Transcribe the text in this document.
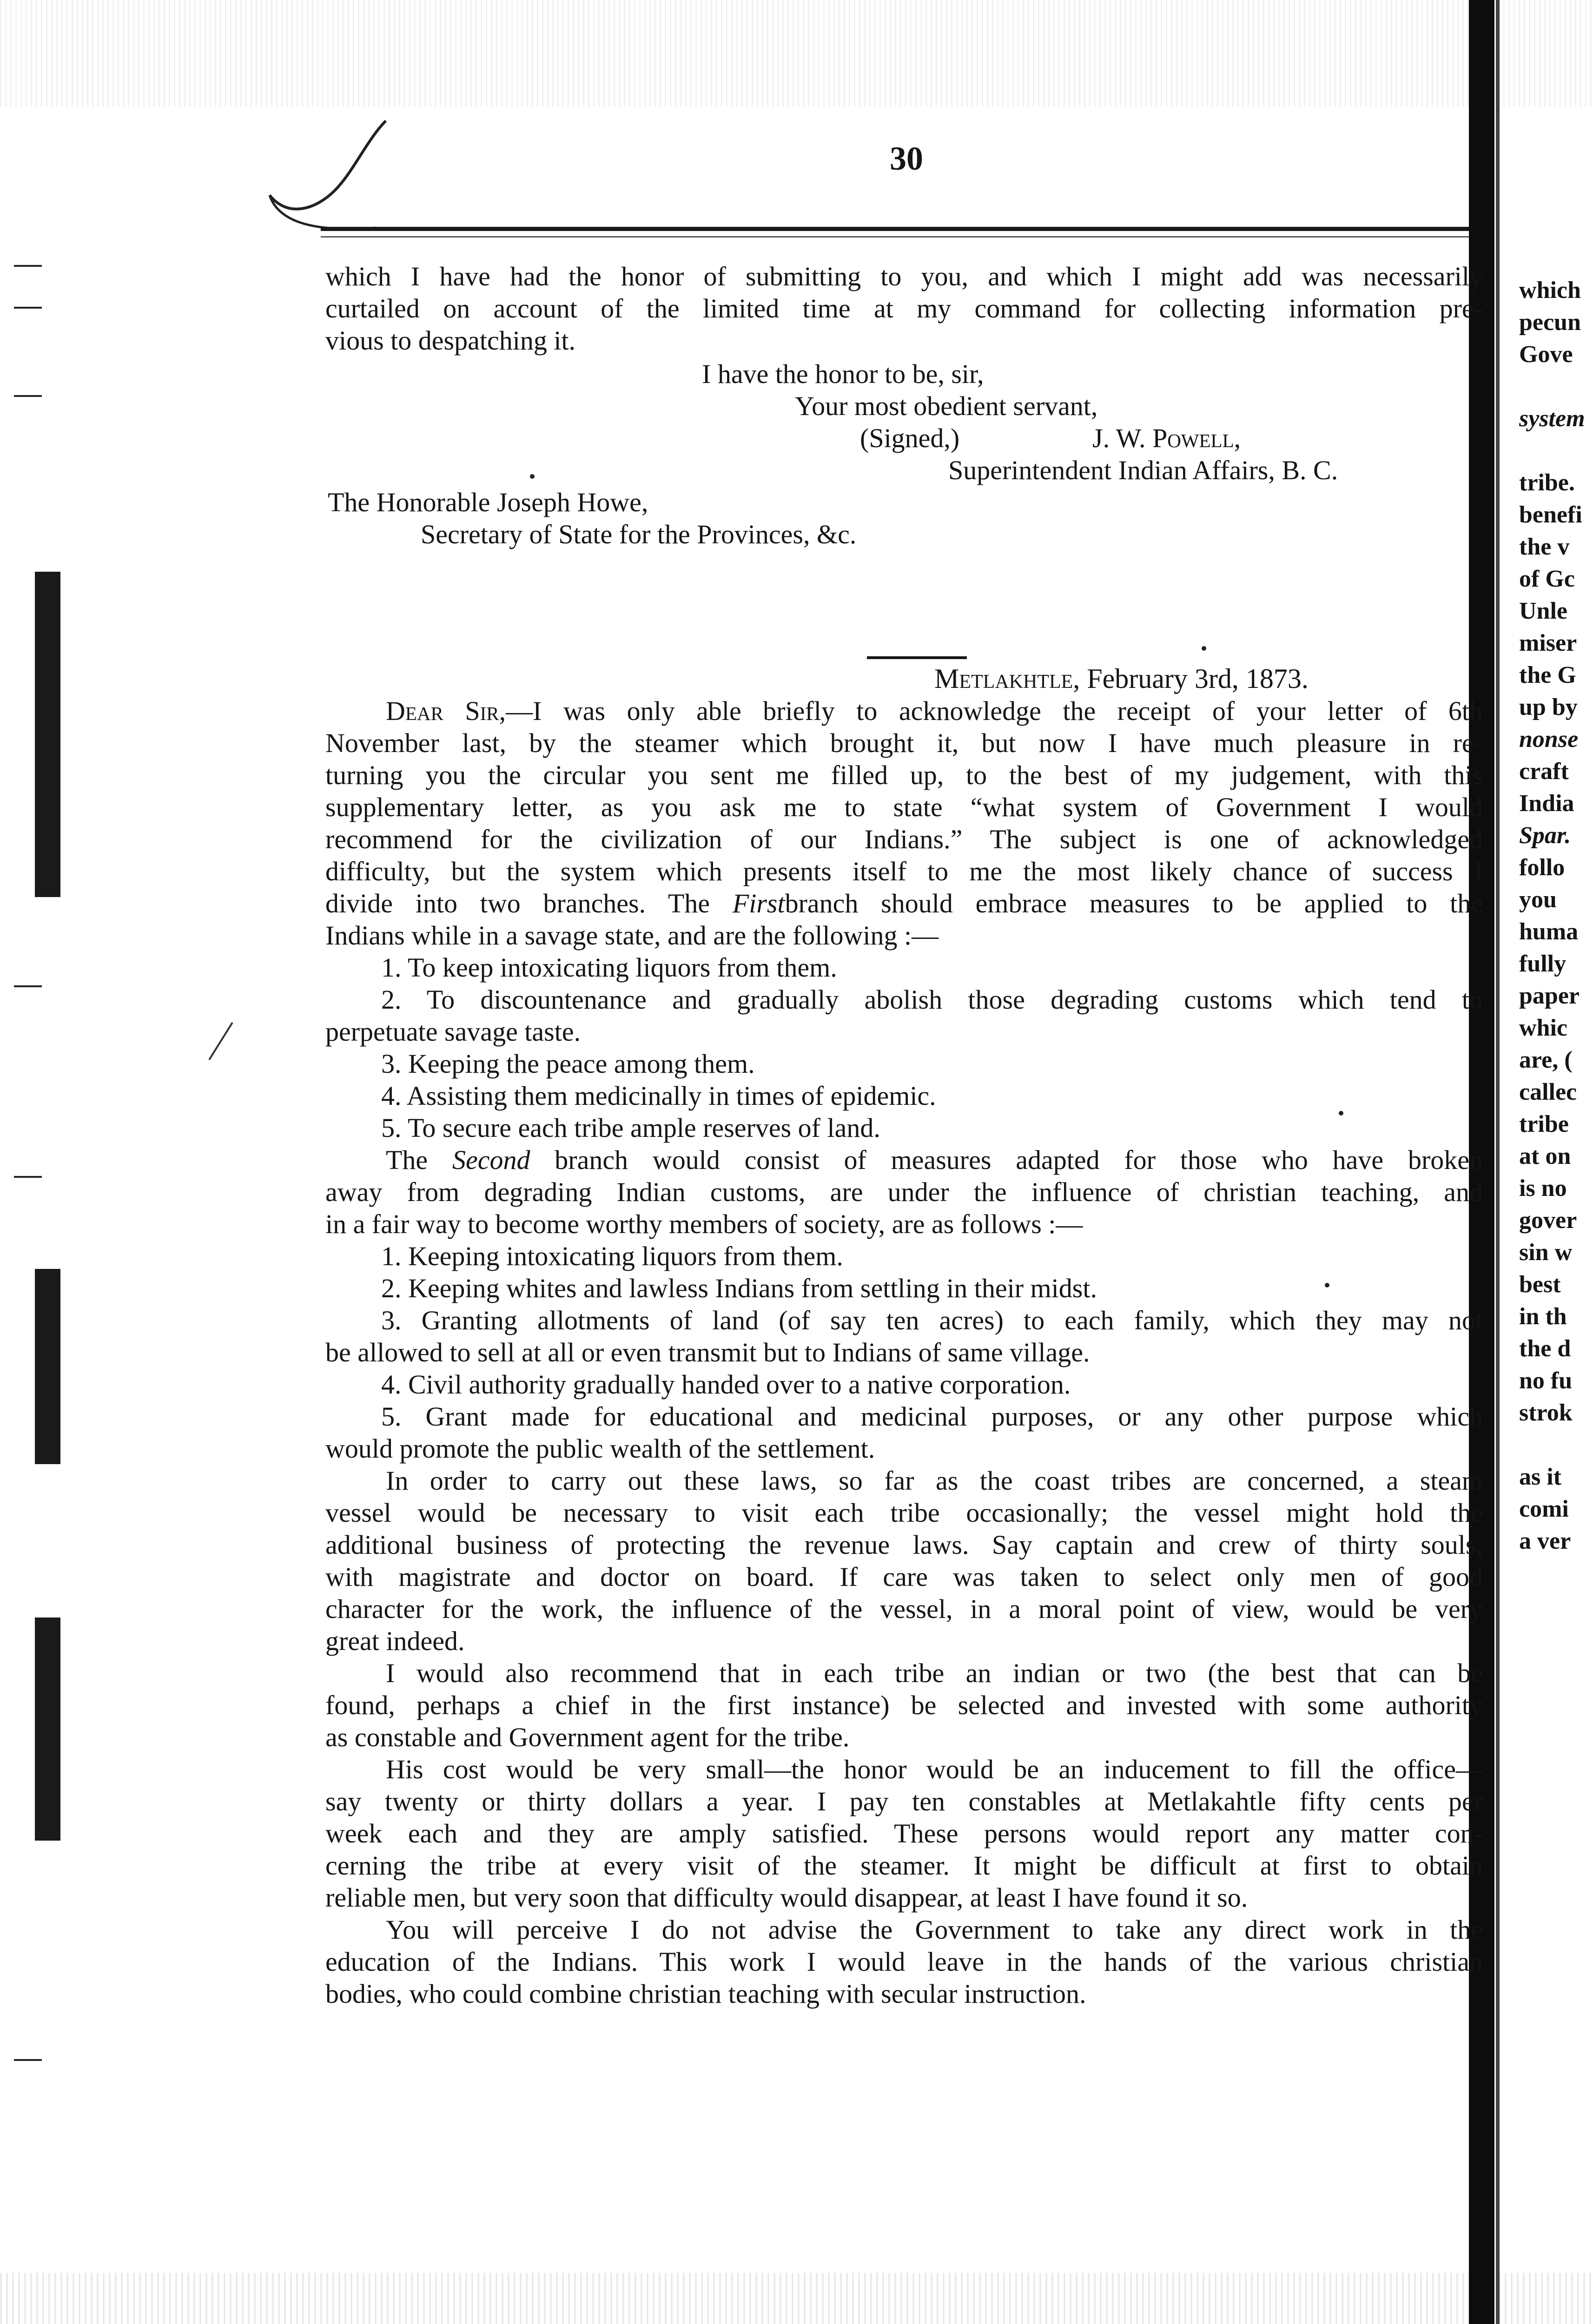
30
which I have had the honor of submitting to you, and which I might add was necessarily
curtailed on account of the limited time at my command for collecting information pre-
vious to despatching it.
I have the honor to be, sir,
Your most obedient servant,
(Signed,)	J. W. Powell,
Superintendent Indian Affairs, B. C.
The Honorable Joseph Howe,
Secretary of State for the Provinces, &c.
Metlakhtle, February 3rd, 1873.
Dear Sir,—I was only able briefly to acknowledge the receipt of your letter of 6th
November last, by the steamer which brought it, but now I have much pleasure in re-
turning you the circular you sent me filled up, to the best of my judgement, with this
supplementary letter, as you ask me to state “what system of Government I would
recommend for the civilization of our Indians.” The subject is one of acknowledged
difficulty, but the system which presents itself to me the most likely chance of success I
divide into two branches. The Firstbranch should embrace measures to be applied to the
Indians while in a savage state, and are the following :—
1. To keep intoxicating liquors from them.
2. To discountenance and gradually abolish those degrading customs which tend to
perpetuate savage taste.
3. Keeping the peace among them.
4. Assisting them medicinally in times of epidemic.
5. To secure each tribe ample reserves of land.
The Second branch would consist of measures adapted for those who have broken
away from degrading Indian customs, are under the influence of christian teaching, and
in a fair way to become worthy members of society, are as follows :—
1. Keeping intoxicating liquors from them.
2. Keeping whites and lawless Indians from settling in their midst.
3. Granting allotments of land (of say ten acres) to each family, which they may not
be allowed to sell at all or even transmit but to Indians of same village.
4. Civil authority gradually handed over to a native corporation.
5. Grant made for educational and medicinal purposes, or any other purpose which
would promote the public wealth of the settlement.
In order to carry out these laws, so far as the coast tribes are concerned, a steam
vessel would be necessary to visit each tribe occasionally; the vessel might hold the
additional business of protecting the revenue laws. Say captain and crew of thirty souls,
with magistrate and doctor on board. If care was taken to select only men of good
character for the work, the influence of the vessel, in a moral point of view, would be very
great indeed.
I would also recommend that in each tribe an indian or two (the best that can be
found, perhaps a chief in the first instance) be selected and invested with some authority
as constable and Government agent for the tribe.
His cost would be very small—the honor would be an inducement to fill the office—
say twenty or thirty dollars a year. I pay ten constables at Metlakahtle fifty cents per
week each and they are amply satisfied. These persons would report any matter con-
cerning the tribe at every visit of the steamer. It might be difficult at first to obtain
reliable men, but very soon that difficulty would disappear, at least I have found it so.
You will perceive I do not advise the Government to take any direct work in the
education of the Indians. This work I would leave in the hands of the various christian
bodies, who could combine christian teaching with secular instruction.
which
pecun
Gove

system

tribe.
benefi
the v
of Gc
Unle
miser
the G
up by
nonse
craft
India
Spar.
follo
you
huma
fully
paper
whic
are, (
callec
tribe
at on
is no
gover
sin w
best
in th
the d
no fu
strok

as it
comi
a ver
